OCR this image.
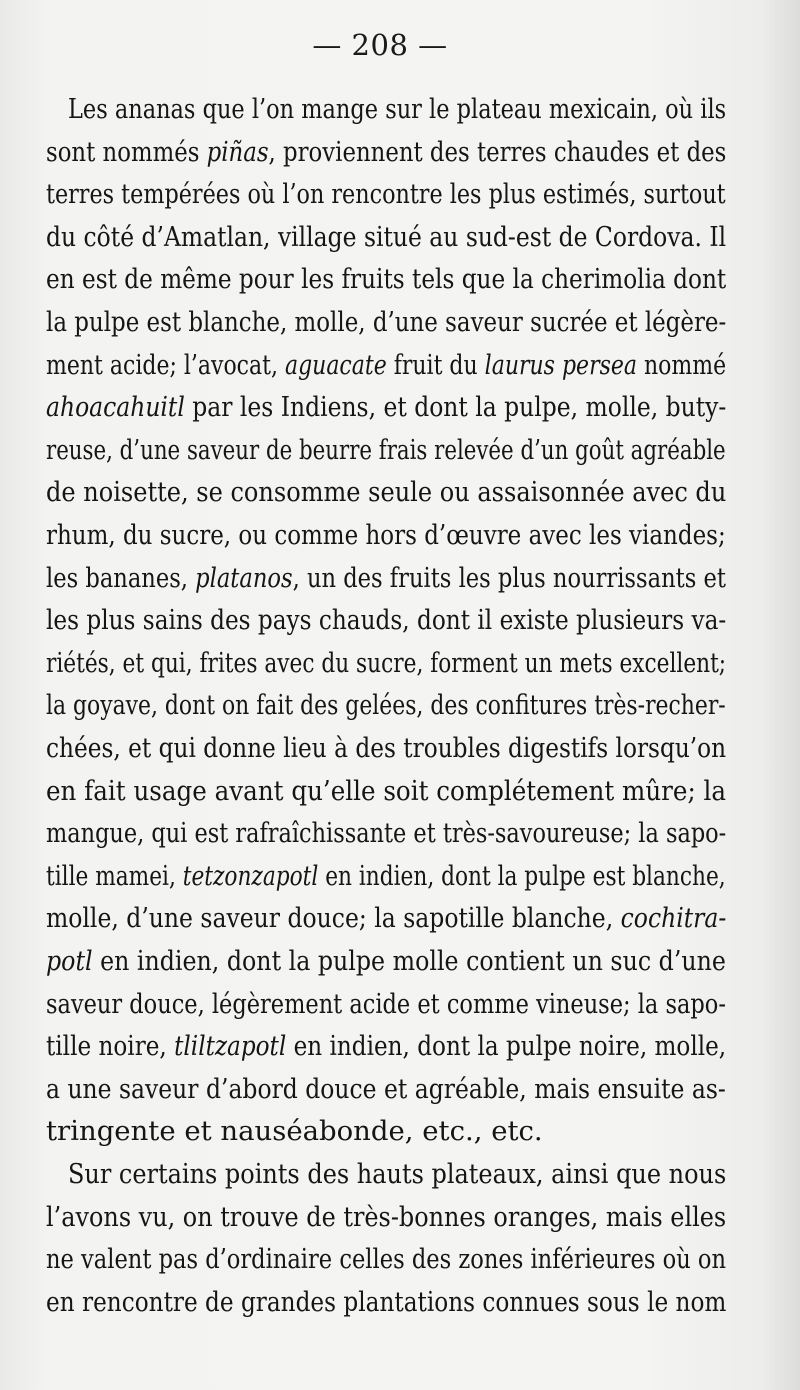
— 208 —
Les ananas que l’on mange sur le plateau mexicain, où ils
sont nommés piñas, proviennent des terres chaudes et des
terres tempérées où l’on rencontre les plus estimés, surtout
du côté d’Amatlan, village situé au sud-est de Cordova. Il
en est de même pour les fruits tels que la cherimolia dont
la pulpe est blanche, molle, d’une saveur sucrée et légère-
ment acide; l’avocat, aguacate fruit du laurus persea nommé
ahoacahuitl par les Indiens, et dont la pulpe, molle, buty-
reuse, d’une saveur de beurre frais relevée d’un goût agréable
de noisette, se consomme seule ou assaisonnée avec du
rhum, du sucre, ou comme hors d’œuvre avec les viandes;
les bananes, platanos, un des fruits les plus nourrissants et
les plus sains des pays chauds, dont il existe plusieurs va-
riétés, et qui, frites avec du sucre, forment un mets excellent;
la goyave, dont on fait des gelées, des confitures très-recher-
chées, et qui donne lieu à des troubles digestifs lorsqu’on
en fait usage avant qu’elle soit complétement mûre; la
mangue, qui est rafraîchissante et très-savoureuse; la sapo-
tille mamei, tetzonzapotl en indien, dont la pulpe est blanche,
molle, d’une saveur douce; la sapotille blanche, cochitra-
potl en indien, dont la pulpe molle contient un suc d’une
saveur douce, légèrement acide et comme vineuse; la sapo-
tille noire, tliltzapotl en indien, dont la pulpe noire, molle,
a une saveur d’abord douce et agréable, mais ensuite as-
tringente et nauséabonde, etc., etc.
Sur certains points des hauts plateaux, ainsi que nous
l’avons vu, on trouve de très-bonnes oranges, mais elles
ne valent pas d’ordinaire celles des zones inférieures où on
en rencontre de grandes plantations connues sous le nom
